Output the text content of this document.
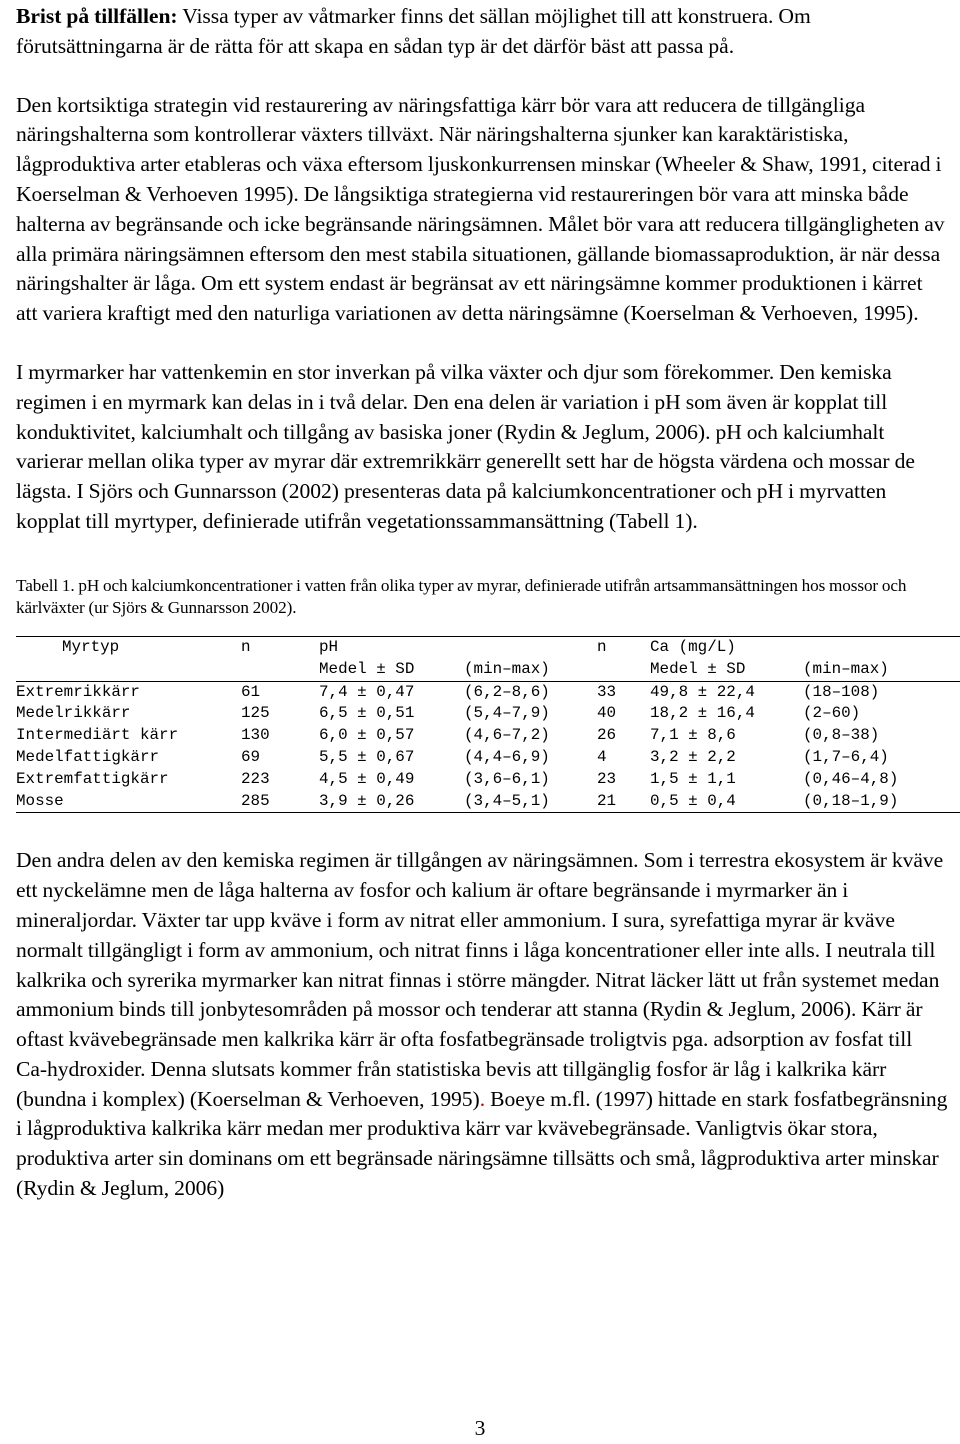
Brist på tillfällen: Vissa typer av våtmarker finns det sällan möjlighet till att konstruera. Om förutsättningarna är de rätta för att skapa en sådan typ är det därför bäst att passa på.

Den kortsiktiga strategin vid restaurering av näringsfattiga kärr bör vara att reducera de tillgängliga näringshalterna som kontrollerar växters tillväxt. När näringshalterna sjunker kan karaktäristiska, lågproduktiva arter etableras och växa eftersom ljuskonkurrensen minskar (Wheeler & Shaw, 1991, citerad i Koerselman & Verhoeven 1995). De långsiktiga strategierna vid restaureringen bör vara att minska både halterna av begränsande och icke begränsande näringsämnen. Målet bör vara att reducera tillgängligheten av alla primära näringsämnen eftersom den mest stabila situationen, gällande biomassaproduktion, är när dessa näringshalter är låga. Om ett system endast är begränsat av ett näringsämne kommer produktionen i kärret att variera kraftigt med den naturliga variationen av detta näringsämne (Koerselman & Verhoeven, 1995).

I myrmarker har vattenkemin en stor inverkan på vilka växter och djur som förekommer. Den kemiska regimen i en myrmark kan delas in i två delar. Den ena delen är variation i pH som även är kopplat till konduktivitet, kalciumhalt och tillgång av basiska joner (Rydin & Jeglum, 2006). pH och kalciumhalt varierar mellan olika typer av myrar där extremrikkärr generellt sett har de högsta värdena och mossar de lägsta. I Sjörs och Gunnarsson (2002) presenteras data på kalciumkoncentrationer och pH i myrvatten kopplat till myrtyper, definierade utifrån vegetationssammansättning (Tabell 1).

Tabell 1. pH och kalciumkoncentrationer i vatten från olika typer av myrar, definierade utifrån artsammansättningen hos mossor och kärlväxter (ur Sjörs & Gunnarsson 2002).

Myrtyp	n	pH		n	Ca (mg/L)	
		Medel ± SD	(min–max)		Medel ± SD	(min–max)
Extremrikkärr	61	7,4 ± 0,47	(6,2–8,6)	33	49,8 ± 22,4	(18–108)
Medelrikkärr	125	6,5 ± 0,51	(5,4–7,9)	40	18,2 ± 16,4	(2–60)
Intermediärt kärr	130	6,0 ± 0,57	(4,6–7,2)	26	7,1 ± 8,6	(0,8–38)
Medelfattigkärr	69	5,5 ± 0,67	(4,4–6,9)	4	3,2 ± 2,2	(1,7–6,4)
Extremfattigkärr	223	4,5 ± 0,49	(3,6–6,1)	23	1,5 ± 1,1	(0,46–4,8)
Mosse	285	3,9 ± 0,26	(3,4–5,1)	21	0,5 ± 0,4	(0,18–1,9)

Den andra delen av den kemiska regimen är tillgången av näringsämnen. Som i terrestra ekosystem är kväve ett nyckelämne men de låga halterna av fosfor och kalium är oftare begränsande i myrmarker än i mineraljordar. Växter tar upp kväve i form av nitrat eller ammonium. I sura, syrefattiga myrar är kväve normalt tillgängligt i form av ammonium, och nitrat finns i låga koncentrationer eller inte alls. I neutrala till kalkrika och syrerika myrmarker kan nitrat finnas i större mängder. Nitrat läcker lätt ut från systemet medan ammonium binds till jonbytesområden på mossor och tenderar att stanna (Rydin & Jeglum, 2006). Kärr är oftast kvävebegränsade men kalkrika kärr är ofta fosfatbegränsade troligtvis pga. adsorption av fosfat till Ca-hydroxider. Denna slutsats kommer från statistiska bevis att tillgänglig fosfor är låg i kalkrika kärr (bundna i komplex) (Koerselman & Verhoeven, 1995). Boeye m.fl. (1997) hittade en stark fosfatbegränsning i lågproduktiva kalkrika kärr medan mer produktiva kärr var kvävebegränsade. Vanligtvis ökar stora, produktiva arter sin dominans om ett begränsade näringsämne tillsätts och små, lågproduktiva arter minskar (Rydin & Jeglum, 2006)

3
